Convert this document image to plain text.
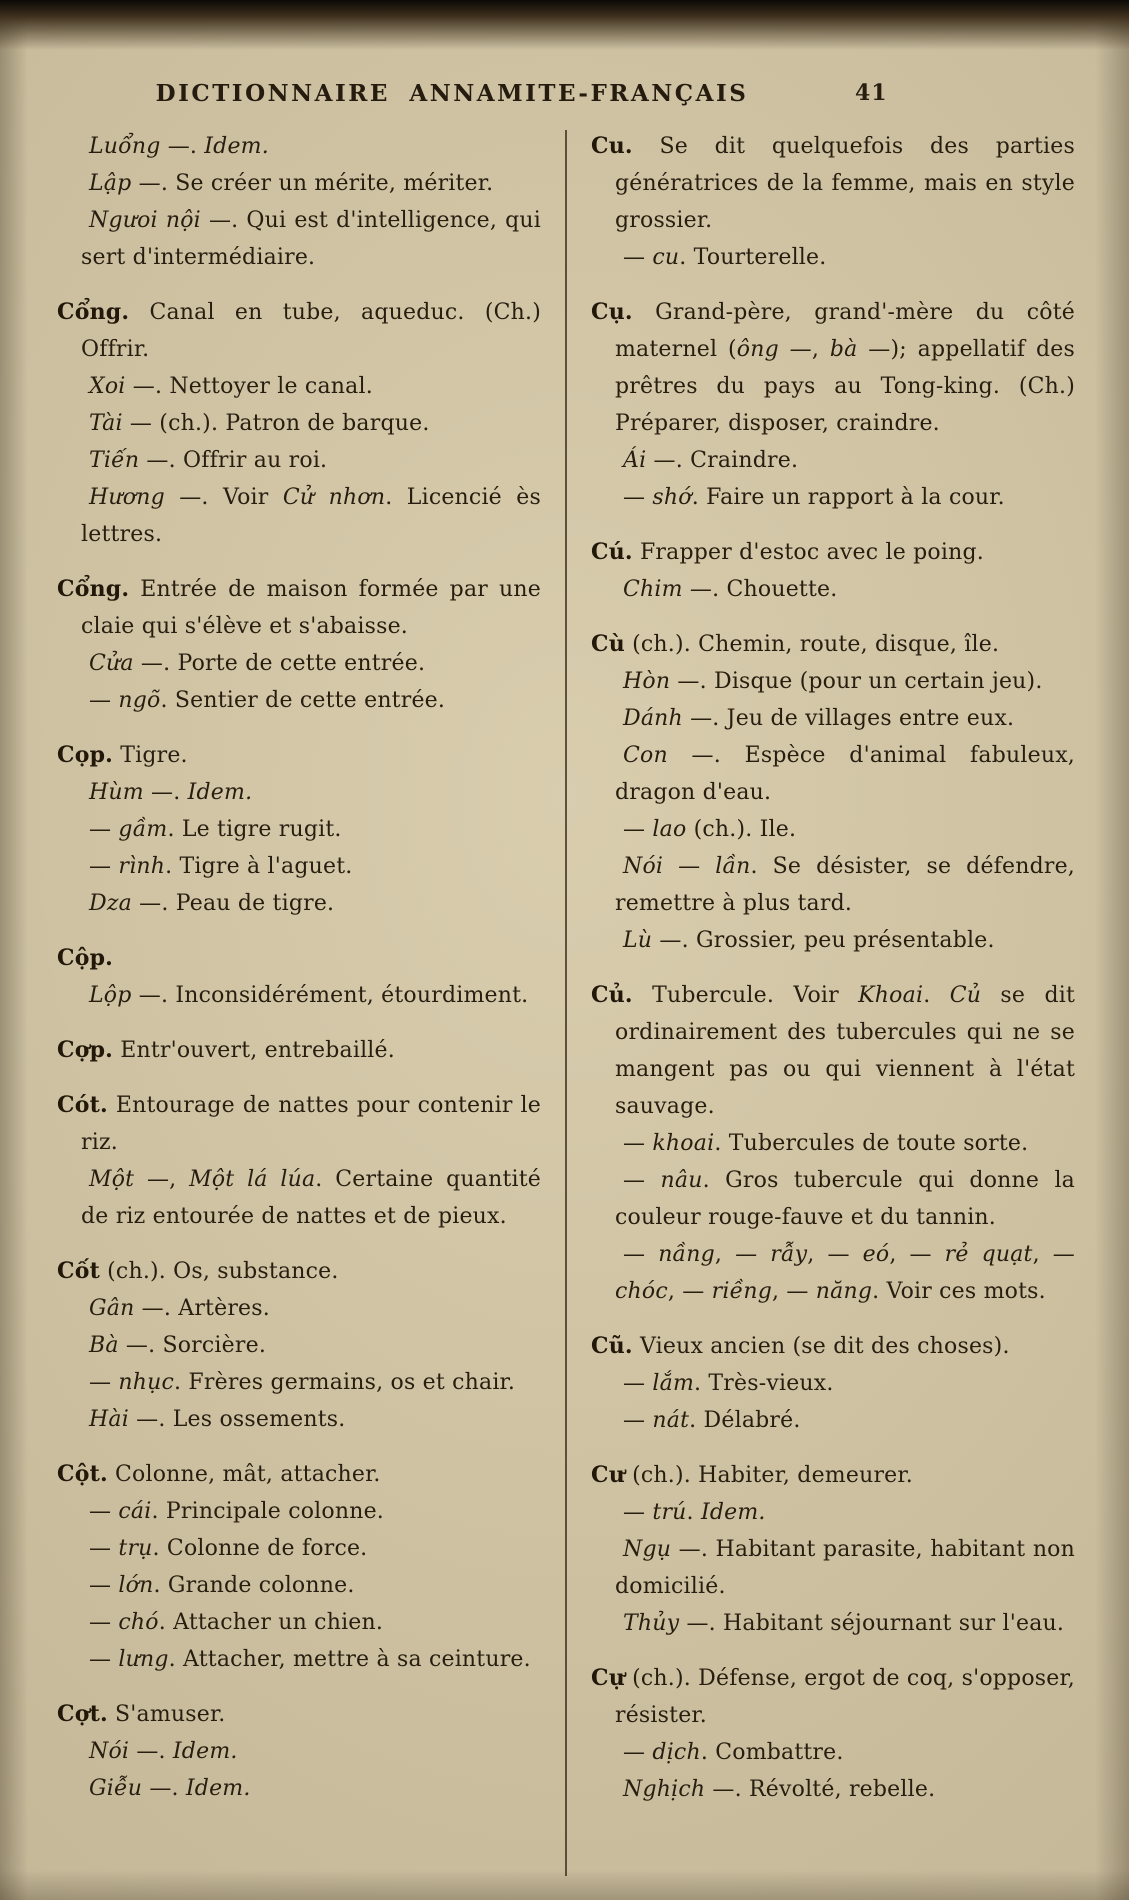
DICTIONNAIRE ANNAMITE-FRANÇAIS	41

Luổng —. Idem.

Lập —. Se créer un mérite, mériter.

Ngưoi nội —. Qui est d'intelligence, qui sert d'intermédiaire.

Cổng. Canal en tube, aqueduc. (Ch.) Offrir.

Xoi —. Nettoyer le canal.

Tài — (ch.). Patron de barque.

Tiến —. Offrir au roi.

Hương —. Voir Cử nhơn. Licencié ès lettres.

Cổng. Entrée de maison formée par une claie qui s'élève et s'abaisse.

Cửa —. Porte de cette entrée.

— ngõ. Sentier de cette entrée.

Cọp. Tigre.

Hùm —. Idem.

— gầm. Le tigre rugit.

— rình. Tigre à l'aguet.

Dza —. Peau de tigre.

Cộp.

Lộp —. Inconsidérément, étourdiment.

Cợp. Entr'ouvert, entrebaillé.

Cót. Entourage de nattes pour contenir le riz.

Một —, Một lá lúa. Certaine quantité de riz entourée de nattes et de pieux.

Cốt (ch.). Os, substance.

Gân —. Artères.

Bà —. Sorcière.

— nhục. Frères germains, os et chair.

Hài —. Les ossements.

Cột. Colonne, mât, attacher.

— cái. Principale colonne.

— trụ. Colonne de force.

— lớn. Grande colonne.

— chó. Attacher un chien.

— lưng. Attacher, mettre à sa ceinture.

Cợt. S'amuser.

Nói —. Idem.

Giễu —. Idem.

Cu. Se dit quelquefois des parties génératrices de la femme, mais en style grossier.

— cu. Tourterelle.

Cụ. Grand-père, grand'-mère du côté maternel (ông —, bà —); appellatif des prêtres du pays au Tong-king. (Ch.) Préparer, disposer, craindre.

Ái —. Craindre.

— shớ. Faire un rapport à la cour.

Cú. Frapper d'estoc avec le poing.

Chim —. Chouette.

Cù (ch.). Chemin, route, disque, île.

Hòn —. Disque (pour un certain jeu).

Dánh —. Jeu de villages entre eux.

Con —. Espèce d'animal fabuleux, dragon d'eau.

— lao (ch.). Ile.

Nói — lần. Se désister, se défendre, remettre à plus tard.

Lù —. Grossier, peu présentable.

Củ. Tubercule. Voir Khoai. Củ se dit ordinairement des tubercules qui ne se mangent pas ou qui viennent à l'état sauvage.

— khoai. Tubercules de toute sorte.

— nâu. Gros tubercule qui donne la couleur rouge-fauve et du tannin.

— nầng, — rẫy, — eó, — rẻ quạt, — chóc, — riềng, — năng. Voir ces mots.

Cũ. Vieux ancien (se dit des choses).

— lắm. Très-vieux.

— nát. Délabré.

Cư (ch.). Habiter, demeurer.

— trú. Idem.

Ngụ —. Habitant parasite, habitant non domicilié.

Thủy —. Habitant séjournant sur l'eau.

Cự (ch.). Défense, ergot de coq, s'opposer, résister.

— dịch. Combattre.

Nghịch —. Révolté, rebelle.
